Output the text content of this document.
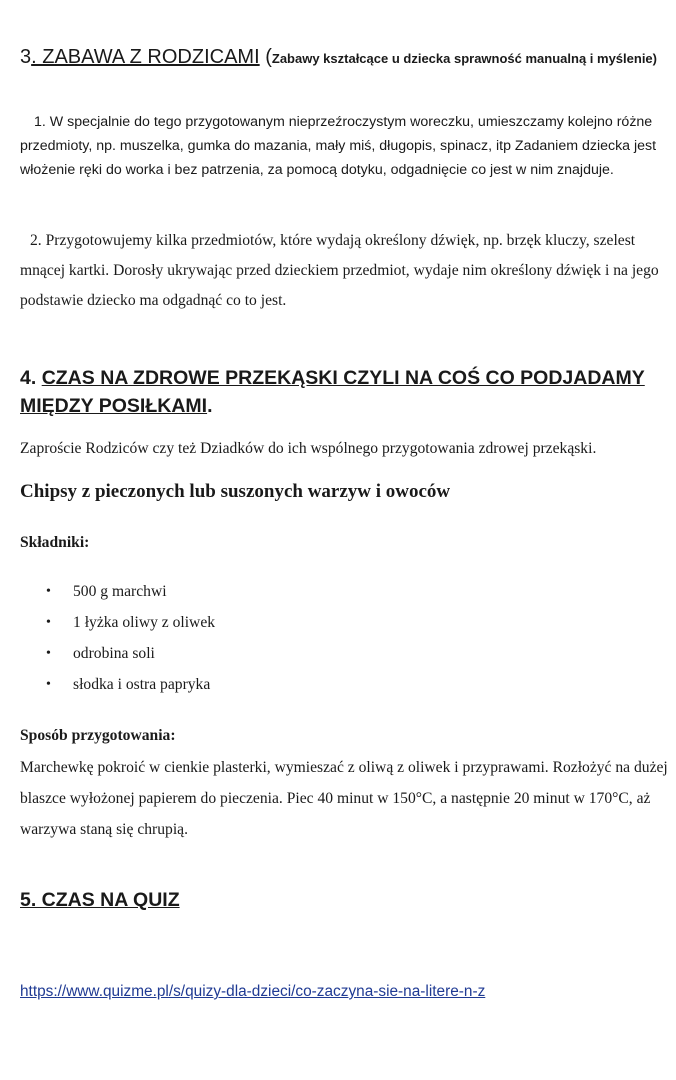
3. ZABAWA Z RODZICAMI (Zabawy kształcące u dziecka sprawność manualną i myślenie)

1. W specjalnie do tego przygotowanym nieprzeźroczystym woreczku, umieszczamy kolejno różne przedmioty, np. muszelka, gumka do mazania, mały miś, długopis, spinacz, itp Zadaniem dziecka jest włożenie ręki do worka i bez patrzenia, za pomocą dotyku, odgadnięcie co jest w nim znajduje.

2. Przygotowujemy kilka przedmiotów, które wydają określony dźwięk, np. brzęk kluczy, szelest mnącej kartki. Dorosły ukrywając przed dzieckiem przedmiot, wydaje nim określony dźwięk i na jego podstawie dziecko ma odgadnąć co to jest.

4. CZAS NA ZDROWE PRZEKĄSKI CZYLI NA COŚ CO PODJADAMY MIĘDZY POSIŁKAMI.

Zaproście Rodziców czy też Dziadków do ich wspólnego przygotowania zdrowej przekąski.

Chipsy z pieczonych lub suszonych warzyw i owoców
Składniki:
• 500 g marchwi
• 1 łyżka oliwy z oliwek
• odrobina soli
• słodka i ostra papryka
Sposób przygotowania:

Marchewkę pokroić w cienkie plasterki, wymieszać z oliwą z oliwek i przyprawami. Rozłożyć na dużej blaszce wyłożonej papierem do pieczenia. Piec 40 minut w 150°C, a następnie 20 minut w 170°C, aż warzywa staną się chrupią.

5. CZAS NA QUIZ
https://www.quizme.pl/s/quizy-dla-dzieci/co-zaczyna-sie-na-litere-n-z
